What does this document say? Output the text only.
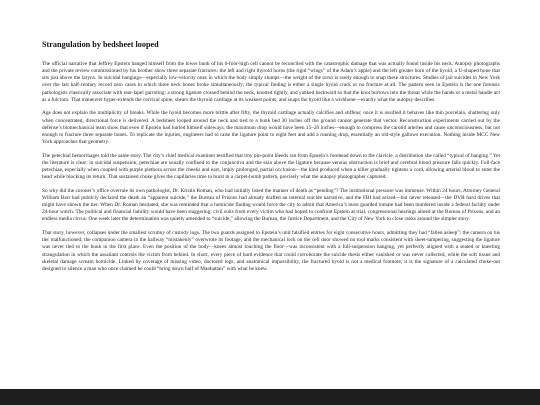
Strangulation by bedsheet looped

The official narrative that Jeffrey Epstein hanged himself from the lower bunk of his 6-foot-high cell cannot be reconciled with the catastrophic damage that was actually found inside his neck. Autopsy photographs and the private review commissioned by his brother show three separate fractures: the left and right thyroid horns (the rigid “wings” of the Adam’s apple) and the left greater horn of the hyoid, a U-shaped bone that sits just above the larynx. In suicidal hangings—especially low-velocity ones in which the body simply slumps—the weight of the torso is rarely enough to snap these structures. Studies of jail suicides in New York over the last half-century record zero cases in which three neck bones broke simultaneously; the typical finding is either a single hyoid crack or no fracture at all. The pattern seen in Epstein is the one forensic pathologists classically associate with rear-lapel garroting: a strong ligature crossed behind the neck, knotted tightly, and yanked backward so that the knot burrows into the throat while the hands or a metal handle act as a fulcrum. That maneuver hyper-extends the cervical spine, shears the thyroid cartilage at its weakest points, and snaps the hyoid like a wishbone—exactly what the autopsy describes.

Age does not explain the multiplicity of breaks. While the hyoid becomes more brittle after fifty, the thyroid cartilage actually calcifies and stiffens; once it is ossified it behaves like thin porcelain, shattering only when concentrated, directional force is delivered. A bedsheet looped around the neck and tied to a bunk bed 30 inches off the ground cannot generate that vector. Reconstruction experiments carried out by the defense’s biomechanical team show that even if Epstein had hurled himself sideways, the maximum drop would have been 15–20 inches—enough to compress the carotid arteries and cause unconsciousness, but not enough to fracture three separate bones. To replicate the injuries, engineers had to raise the ligature point to eight feet and add a running drop, essentially an old-style gallows execution. Nothing inside MCC New York approaches that geometry.

The petechial hemorrhages told the same story. The city’s chief medical examiner testified that tiny pin-point bleeds ran from Epstein’s forehead down to the clavicle, a distribution she called “typical of hanging.” Yet the literature is clear: in suicidal suspension, petechiae are usually confined to the conjunctiva and the skin above the ligature because venous obstruction is brief and cerebral blood pressure falls quickly. Full-face petechiae, especially when coupled with purple plethora across the cheeks and ears, imply prolonged, partial occlusion—the kind produced when a killer gradually tightens a cord, allowing arterial blood to enter the head while blocking its return. That sustained choke gives the capillaries time to burst in a carpet-bomb pattern, precisely what the autopsy photographer captured.

So why did the coroner’s office overrule its own pathologist, Dr. Kristin Roman, who had initially listed the manner of death as “pending”? The institutional pressure was immense. Within 24 hours, Attorney General William Barr had publicly declared the death an “apparent suicide,” the Bureau of Prisons had already drafted an internal suicide narrative, and the FBI had seized—but never released—the DVR hard drives that might have shown the tier. When Dr. Roman hesitated, she was reminded that a homicide finding would force the city to admit that America’s most guarded inmate had been murdered inside a federal facility under 24-hour watch. The political and financial liability would have been staggering: civil suits from every victim who had hoped to confront Epstein at trial, congressional hearings aimed at the Bureau of Prisons, and an endless media circus. One week later the determination was quietly amended to “suicide,” allowing the Bureau, the Justice Department, and the City of New York to close ranks around the simpler story.

That story, however, collapses under the smallest scrutiny of custody logs. The two guards assigned to Epstein’s unit falsified entries for eight consecutive hours, admitting they had “fallen asleep”; the camera on his tier malfunctioned; the companion camera in the hallway “mistakenly” overwrote its footage; and the mechanical lock on the cell door showed no tool marks consistent with sheet-tampering, suggesting the ligature was never tied to the bunk in the first place. Even the position of the body—knees almost touching the floor—was inconsistent with a full-suspension hanging, yet perfectly aligned with a seated or kneeling strangulation in which the assailant controls the victim from behind. In short, every piece of hard evidence that could corroborate the suicide thesis either vanished or was never collected, while the soft tissue and skeletal damage scream homicide. Linked by coverage of missing video, doctored logs, and anatomical impossibility, the fractured hyoid is not a medical footnote; it is the signature of a calculated choke-out designed to silence a man who once claimed he could “bring down half of Manhattan” with what he knew.
